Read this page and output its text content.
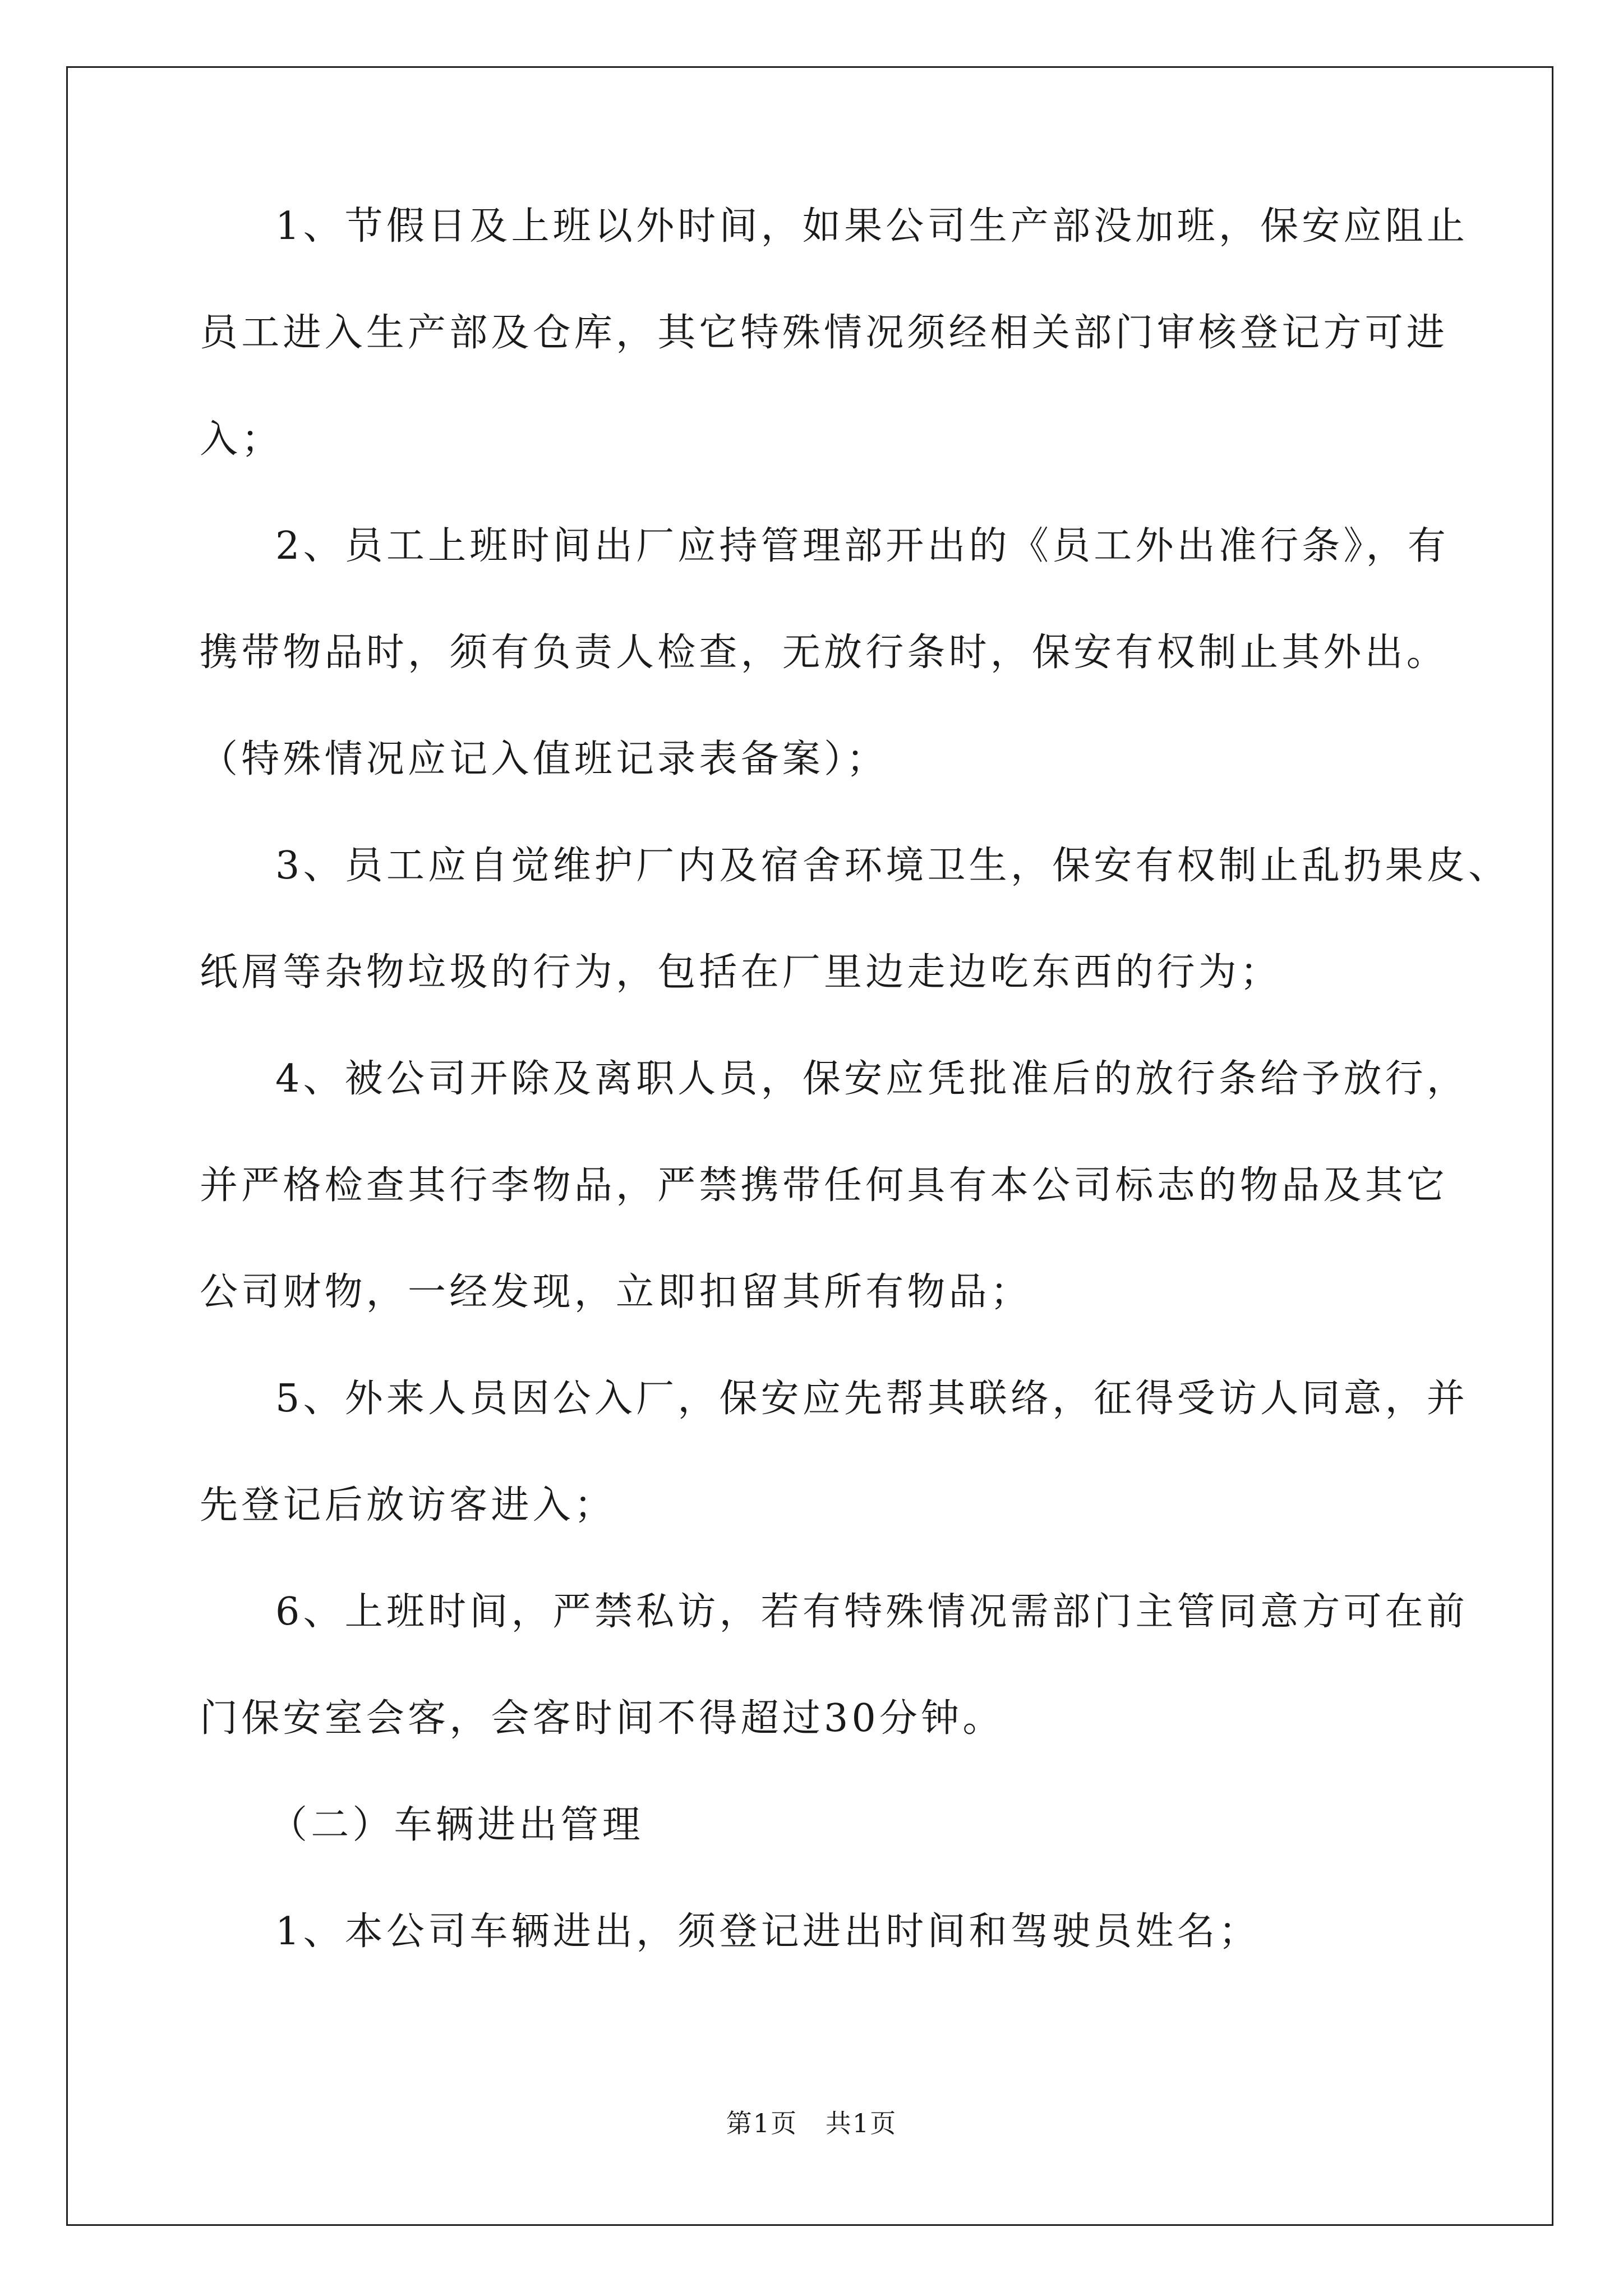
1、节假日及上班以外时间，如果公司生产部没加班，保安应阻止
员工进入生产部及仓库，其它特殊情况须经相关部门审核登记方可进
入；
2、员工上班时间出厂应持管理部开出的《员工外出准行条》，有
携带物品时，须有负责人检查，无放行条时，保安有权制止其外出。
（特殊情况应记入值班记录表备案）；
3、员工应自觉维护厂内及宿舍环境卫生，保安有权制止乱扔果皮、
纸屑等杂物垃圾的行为，包括在厂里边走边吃东西的行为；
4、被公司开除及离职人员，保安应凭批准后的放行条给予放行，
并严格检查其行李物品，严禁携带任何具有本公司标志的物品及其它
公司财物，一经发现，立即扣留其所有物品；
5、外来人员因公入厂，保安应先帮其联络，征得受访人同意，并
先登记后放访客进入；
6、上班时间，严禁私访，若有特殊情况需部门主管同意方可在前
门保安室会客，会客时间不得超过30分钟。
（二）车辆进出管理
1、本公司车辆进出，须登记进出时间和驾驶员姓名；
第1页   共1页
